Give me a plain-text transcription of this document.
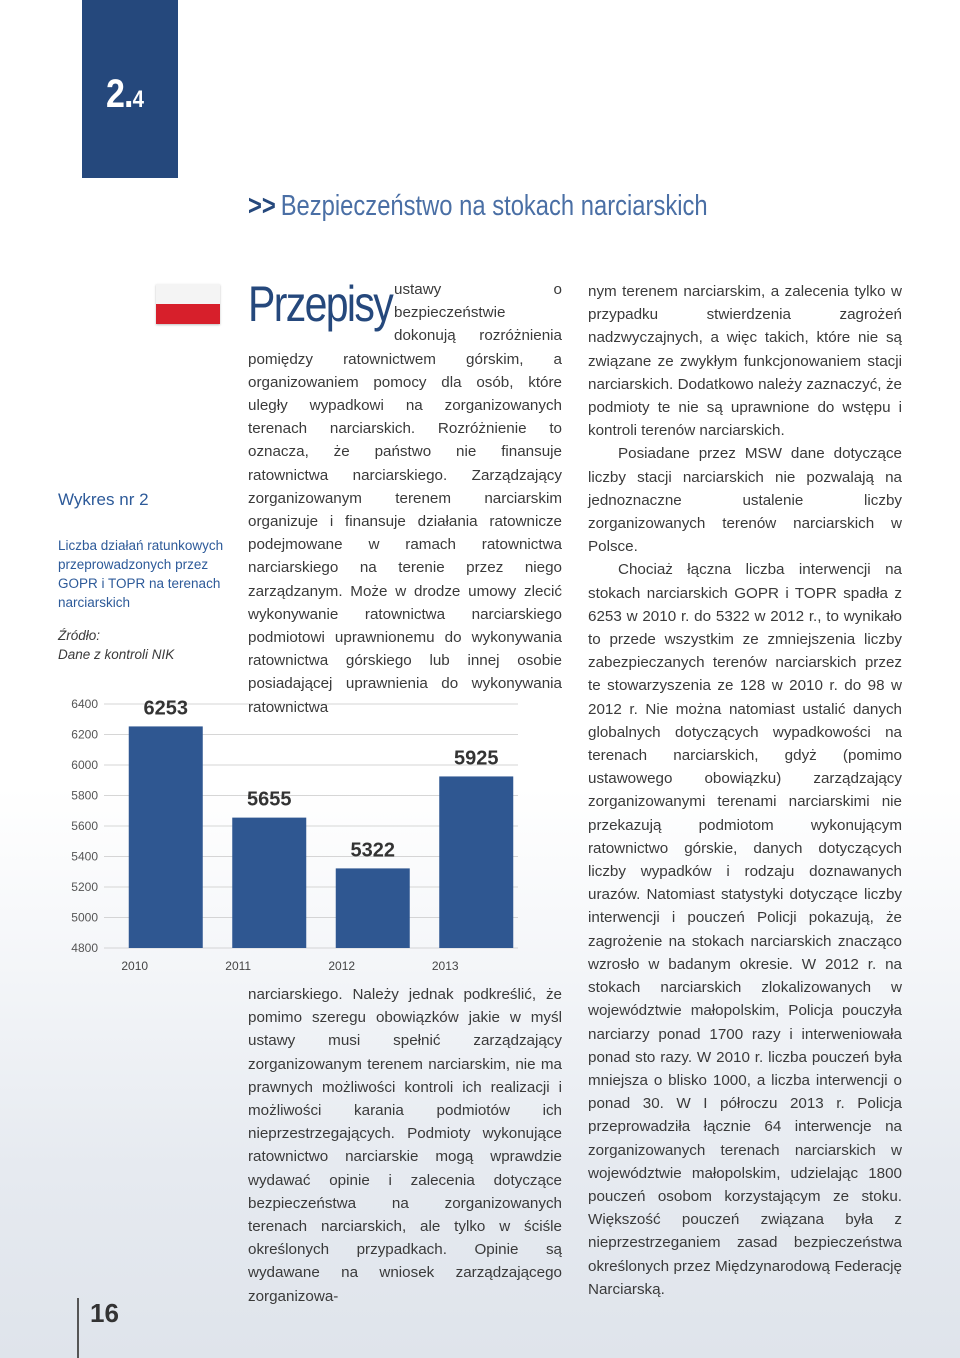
2.4
>> Bezpieczeństwo na stokach narciarskich
Wykres nr 2
Liczba działań ratunkowych przeprowadzonych przez GOPR i TOPR na terenach narciarskich
Źródło:
Dane z kontroli NIK
6400
6200
6000
5800
5600
5400
5200
5000
4800
6253
2010
5655
2011
5322
2012
5925
2013

Przepisy ustawy o bezpieczeństwie dokonują rozróżnienia pomiędzy ratownictwem górskim, a organizowaniem pomocy dla osób, które uległy wypadkowi na zorganizowanych terenach narciarskich. Rozróżnienie to oznacza, że państwo nie finansuje ratownictwa narciarskiego. Zarządzający zorganizowanym terenem narciarskim organizuje i finansuje działania ratownicze podejmowane w ramach ratownictwa narciarskiego na terenie przez niego zarządzanym. Może w drodze umowy zlecić wykonywanie ratownictwa narciarskiego podmiotowi uprawnionemu do wykonywania ratownictwa górskiego lub innej osobie posiadającej uprawnienia do wykonywania ratownictwa

narciarskiego. Należy jednak podkreślić, że pomimo szeregu obowiązków jakie w myśl ustawy musi spełnić zarządzający zorganizowanym terenem narciarskim, nie ma prawnych możliwości kontroli ich realizacji i możliwości karania podmiotów ich nieprzestrzegających. Podmioty wykonujące ratownictwo narciarskie mogą wprawdzie wydawać opinie i zalecenia dotyczące bezpieczeństwa na zorganizowanych terenach narciarskich, ale tylko w ściśle określonych przypadkach. Opinie są wydawane na wniosek zarządzającego zorganizowa-

nym terenem narciarskim, a zalecenia tylko w przypadku stwierdzenia zagrożeń nadzwyczajnych, a więc takich, które nie są związane ze zwykłym funkcjonowaniem stacji narciarskich. Dodatkowo należy zaznaczyć, że podmioty te nie są uprawnione do wstępu i kontroli terenów narciarskich.

Posiadane przez MSW dane dotyczące liczby stacji narciarskich nie pozwalają na jednoznaczne ustalenie liczby zorganizowanych terenów narciarskich w Polsce.

Chociaż łączna liczba interwencji na stokach narciarskich GOPR i TOPR spadła z 6253 w 2010 r. do 5322 w 2012 r., to wynikało to przede wszystkim ze zmniejszenia liczby zabezpieczanych terenów narciarskich przez te stowarzyszenia ze 128 w 2010 r. do 98 w 2012 r. Nie można natomiast ustalić danych globalnych dotyczących wypadkowości na terenach narciarskich, gdyż (pomimo ustawowego obowiązku) zarządzający zorganizowanymi terenami narciarskimi nie przekazują podmiotom wykonującym ratownictwo górskie, danych dotyczących liczby wypadków i rodzaju doznawanych urazów. Natomiast statystyki dotyczące liczby interwencji i pouczeń Policji pokazują, że zagrożenie na stokach narciarskich znacząco wzrosło w badanym okresie. W 2012 r. na stokach narciarskich zlokalizowanych w województwie małopolskim, Policja pouczyła narciarzy ponad 1700 razy i interweniowała ponad sto razy. W 2010 r. liczba pouczeń była mniejsza o blisko 1000, a liczba interwencji o ponad 30. W I półroczu 2013 r. Policja przeprowadziła łącznie 64 interwencje na zorganizowanych terenach narciarskich w województwie małopolskim, udzielając 1800 pouczeń osobom korzystającym ze stoku. Większość pouczeń związana była z nieprzestrzeganiem zasad bezpieczeństwa określonych przez Międzynarodową Federację Narciarską.

16
